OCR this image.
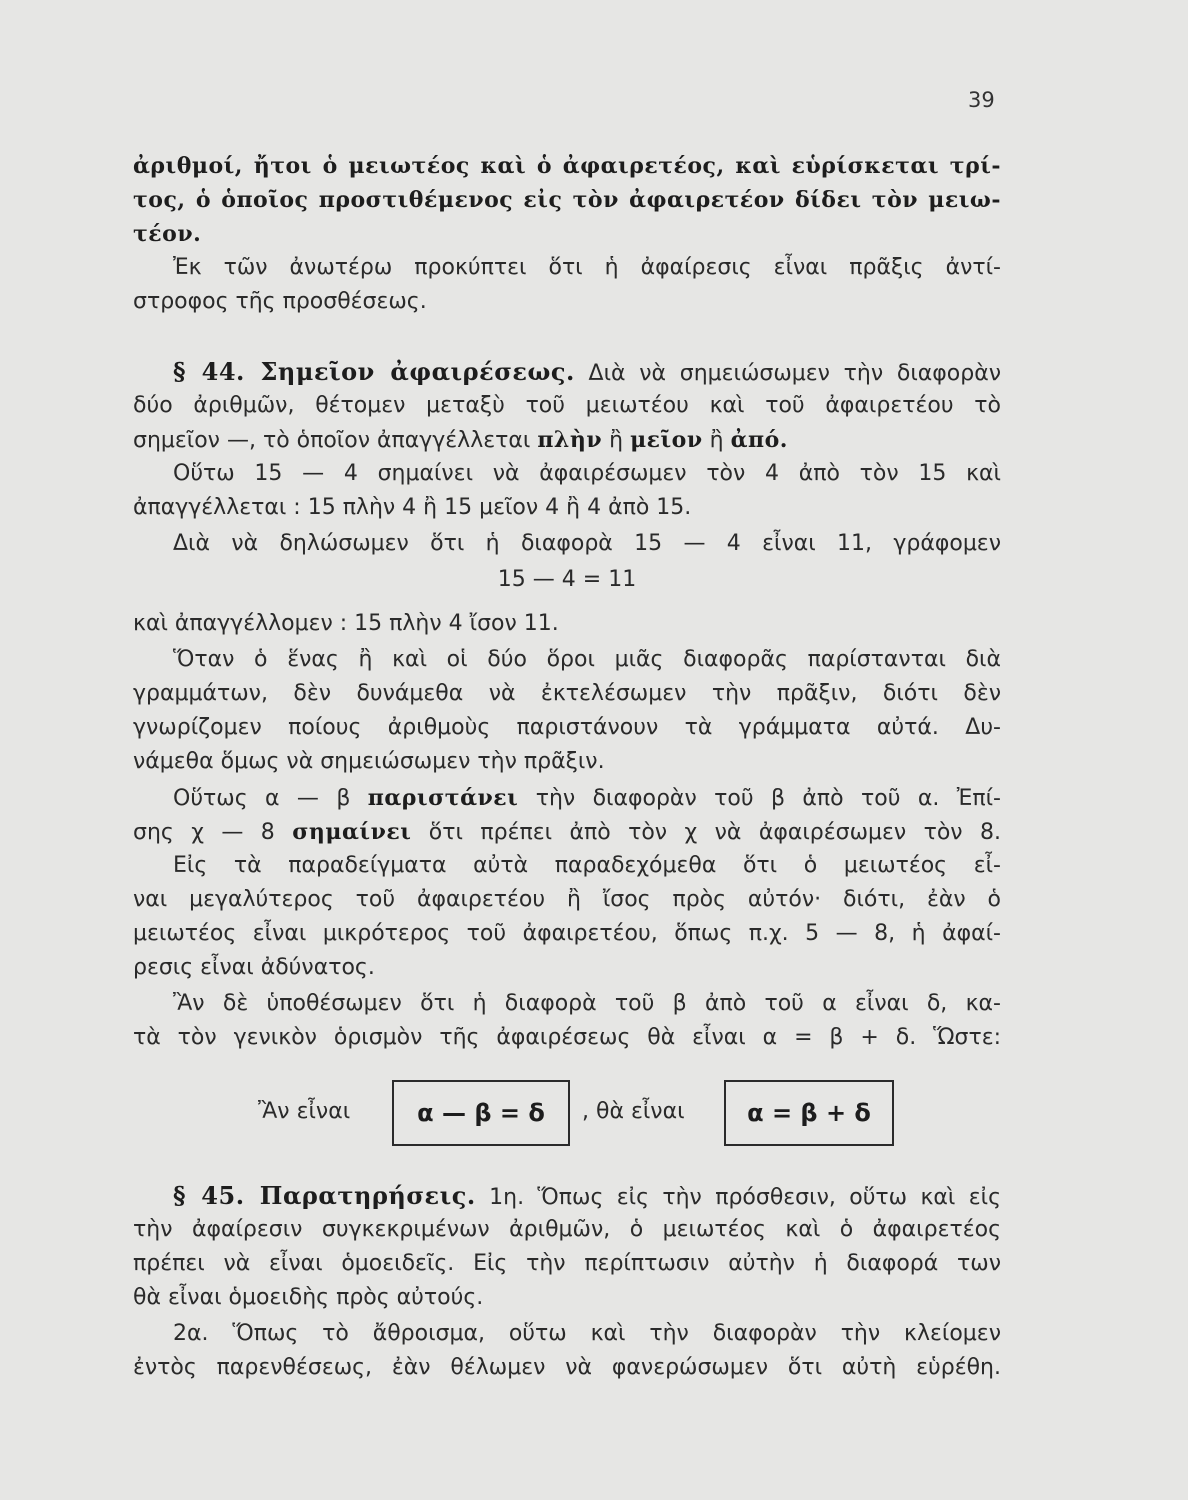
39
ἀριθμοί, ἤτοι ὁ μειωτέος καὶ ὁ ἀφαιρετέος, καὶ εὑρίσκεται τρί-
τος, ὁ ὁποῖος προστιθέμενος εἰς τὸν ἀφαιρετέον δίδει τὸν μειω-
τέον.
Ἐκ τῶν ἀνωτέρω προκύπτει ὅτι ἡ ἀφαίρεσις εἶναι πρᾶξις ἀντί-
στροφος τῆς προσθέσεως.
§ 44. Σημεῖον ἀφαιρέσεως. Διὰ νὰ σημειώσωμεν τὴν διαφορὰν
δύο ἀριθμῶν, θέτομεν μεταξὺ τοῦ μειωτέου καὶ τοῦ ἀφαιρετέου τὸ
σημεῖον —, τὸ ὁποῖον ἀπαγγέλλεται πλὴν ἢ μεῖον ἢ ἀπό.
Οὕτω 15 — 4 σημαίνει νὰ ἀφαιρέσωμεν τὸν 4 ἀπὸ τὸν 15 καὶ
ἀπαγγέλλεται : 15 πλὴν 4 ἢ 15 μεῖον 4 ἢ 4 ἀπὸ 15.
Διὰ νὰ δηλώσωμεν ὅτι ἡ διαφορὰ 15 — 4 εἶναι 11, γράφομεν
15 — 4 = 11
καὶ ἀπαγγέλλομεν : 15 πλὴν 4 ἴσον 11.
Ὅταν ὁ ἕνας ἢ καὶ οἱ δύο ὅροι μιᾶς διαφορᾶς παρίστανται διὰ
γραμμάτων, δὲν δυνάμεθα νὰ ἐκτελέσωμεν τὴν πρᾶξιν, διότι δὲν
γνωρίζομεν ποίους ἀριθμοὺς παριστάνουν τὰ γράμματα αὐτά. Δυ-
νάμεθα ὅμως νὰ σημειώσωμεν τὴν πρᾶξιν.
Οὕτως α — β παριστάνει τὴν διαφορὰν τοῦ β ἀπὸ τοῦ α. Ἐπί-
σης χ — 8 σημαίνει ὅτι πρέπει ἀπὸ τὸν χ νὰ ἀφαιρέσωμεν τὸν 8.
Εἰς τὰ παραδείγματα αὐτὰ παραδεχόμεθα ὅτι ὁ μειωτέος εἶ-
ναι μεγαλύτερος τοῦ ἀφαιρετέου ἢ ἴσος πρὸς αὐτόν· διότι, ἐὰν ὁ
μειωτέος εἶναι μικρότερος τοῦ ἀφαιρετέου, ὅπως π.χ. 5 — 8, ἡ ἀφαί-
ρεσις εἶναι ἀδύνατος.
Ἂν δὲ ὑποθέσωμεν ὅτι ἡ διαφορὰ τοῦ β ἀπὸ τοῦ α εἶναι δ, κα-
τὰ τὸν γενικὸν ὁρισμὸν τῆς ἀφαιρέσεως θὰ εἶναι α = β + δ. Ὥστε:
Ἂν εἶναι	α — β = δ	, θὰ εἶναι	α = β + δ
§ 45. Παρατηρήσεις. 1η. Ὅπως εἰς τὴν πρόσθεσιν, οὕτω καὶ εἰς
τὴν ἀφαίρεσιν συγκεκριμένων ἀριθμῶν, ὁ μειωτέος καὶ ὁ ἀφαιρετέος
πρέπει νὰ εἶναι ὁμοειδεῖς. Εἰς τὴν περίπτωσιν αὐτὴν ἡ διαφορά των
θὰ εἶναι ὁμοειδὴς πρὸς αὐτούς.
2α. Ὅπως τὸ ἄθροισμα, οὕτω καὶ τὴν διαφορὰν τὴν κλείομεν
ἐντὸς παρενθέσεως, ἐὰν θέλωμεν νὰ φανερώσωμεν ὅτι αὐτὴ εὑρέθη.
